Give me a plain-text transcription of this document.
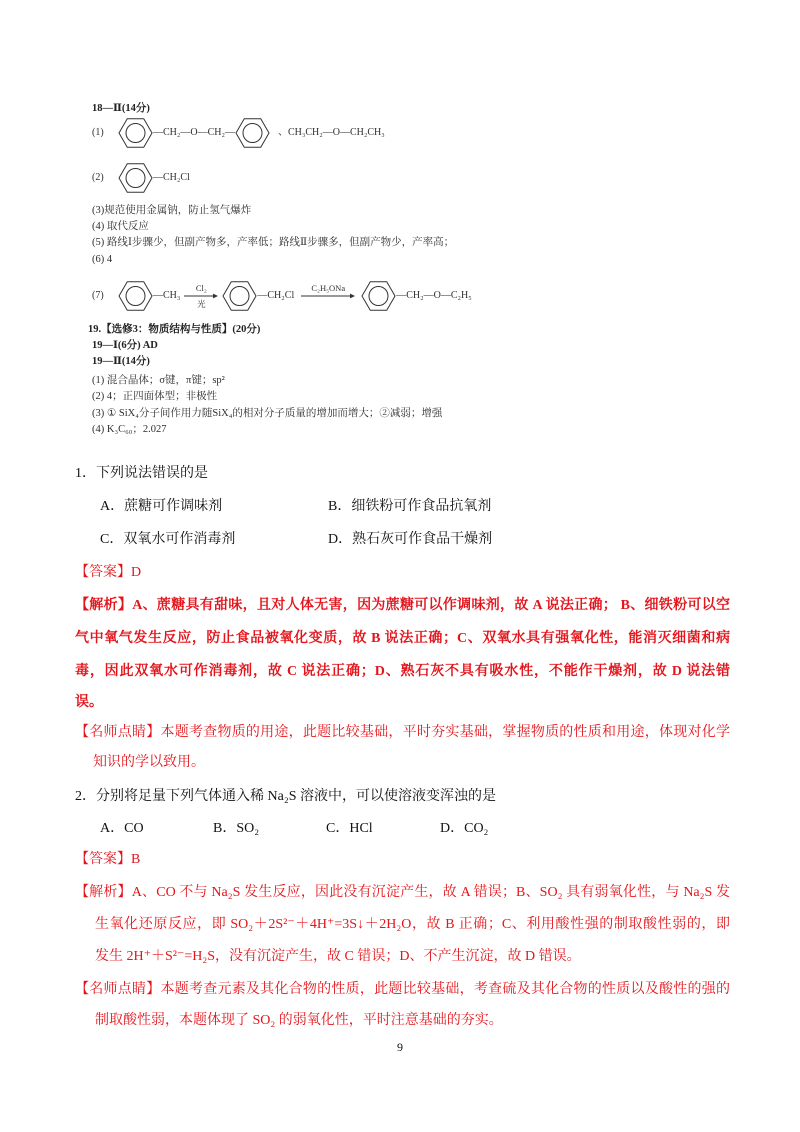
18—Ⅱ(14分)
(1)	—CH₂—O—CH₂—	、CH₃CH₂—O—CH₂CH₃
(2)	—CH₂Cl
(3)规范使用金属钠，防止氢气爆炸
(4) 取代反应
(5) 路线Ⅰ步骤少，但副产物多，产率低；路线Ⅱ步骤多，但副产物少，产率高；
(6) 4
(7)	—CH₃
Cl₂
光
—CH₂Cl
C₂H₅ONa
—CH₂—O—C₂H₅
19.【选修3：物质结构与性质】(20分)
19—Ⅰ(6分) AD
19—Ⅱ(14分)
(1) 混合晶体；σ键，π键；sp²
(2) 4；正四面体型；非极性
(3) ① SiX₄分子间作用力随SiX₄的相对分子质量的增加而增大；②减弱；增强
(4) K₃C₆₀；2.027
1．下列说法错误的是
A．蔗糖可作调味剂	B．细铁粉可作食品抗氧剂
C．双氧水可作消毒剂	D．熟石灰可作食品干燥剂
【答案】D
【解析】A、蔗糖具有甜味，且对人体无害，因为蔗糖可以作调味剂，故 A 说法正确； B、细铁粉可以空
气中氧气发生反应，防止食品被氧化变质，故 B 说法正确；C、双氧水具有强氧化性，能消灭细菌和病
毒，因此双氧水可作消毒剂，故 C 说法正确；D、熟石灰不具有吸水性，不能作干燥剂，故 D 说法错
误。
【名师点睛】本题考查物质的用途，此题比较基础，平时夯实基础，掌握物质的性质和用途，体现对化学
知识的学以致用。
2．分别将足量下列气体通入稀 Na₂S 溶液中，可以使溶液变浑浊的是
A．CO	B．SO₂	C．HCl	D．CO₂
【答案】B
【解析】A、CO 不与 Na₂S 发生反应，因此没有沉淀产生，故 A 错误；B、SO₂ 具有弱氧化性，与 Na₂S 发
生氧化还原反应，即 SO₂＋2S²⁻＋4H⁺=3S↓＋2H₂O，故 B 正确；C、利用酸性强的制取酸性弱的，即
发生 2H⁺＋S²⁻=H₂S，没有沉淀产生，故 C 错误；D、不产生沉淀，故 D 错误。
【名师点睛】本题考查元素及其化合物的性质，此题比较基础，考查硫及其化合物的性质以及酸性的强的
制取酸性弱，本题体现了 SO₂ 的弱氧化性，平时注意基础的夯实。
9
